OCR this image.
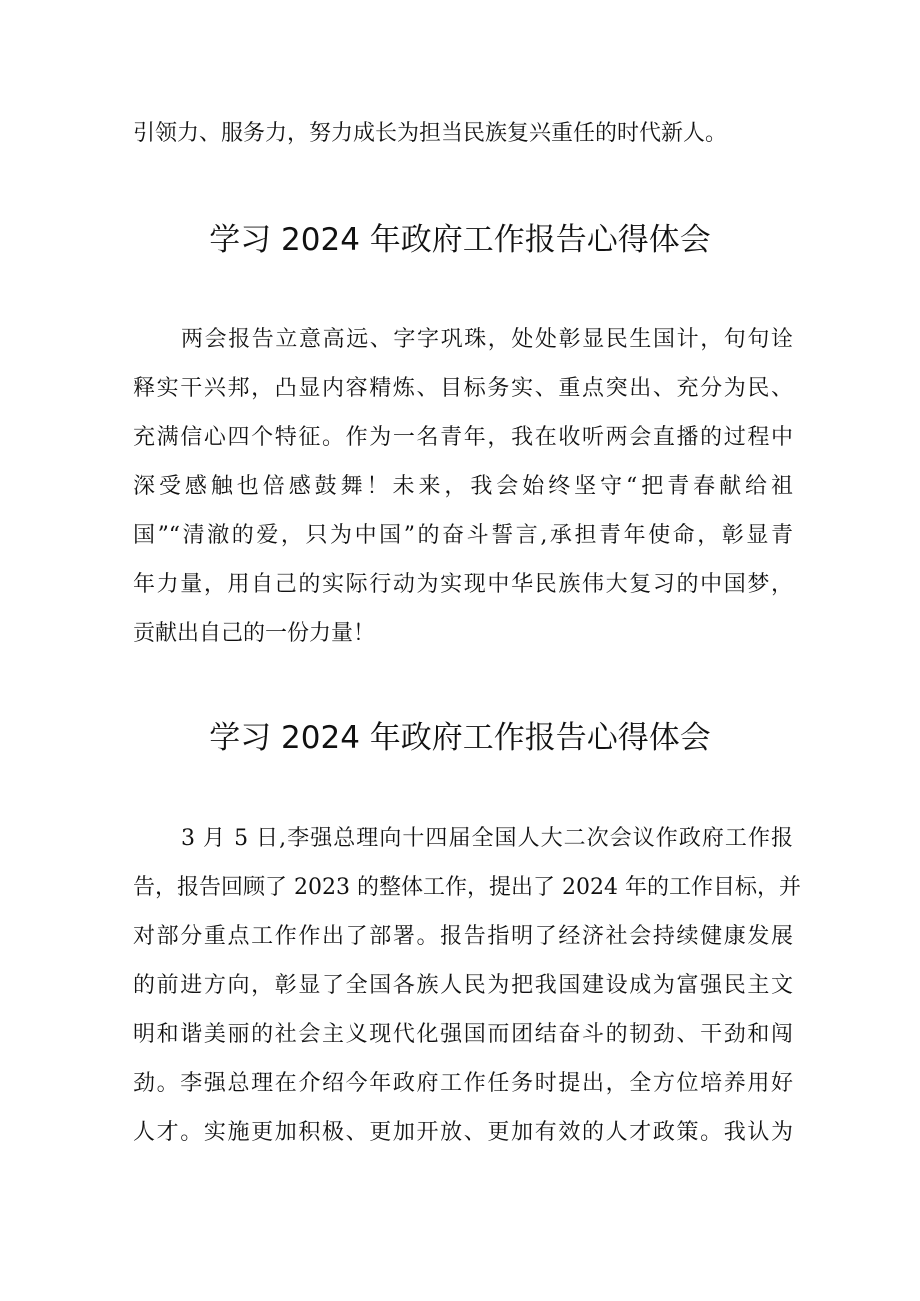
引领力、服务力，努力成长为担当民族复兴重任的时代新人。
学习 2024 年政府工作报告心得体会
两会报告立意高远、字字巩珠，处处彰显民生国计，句句诠
释实干兴邦，凸显内容精炼、目标务实、重点突出、充分为民、
充满信心四个特征。作为一名青年，我在收听两会直播的过程中
深受感触也倍感鼓舞！未来，我会始终坚守“把青春献给祖
国”“清澈的爱，只为中国”的奋斗誓言,承担青年使命，彰显青
年力量，用自己的实际行动为实现中华民族伟大复习的中国梦，
贡献出自己的一份力量！
学习 2024 年政府工作报告心得体会
3 月 5 日,李强总理向十四届全国人大二次会议作政府工作报
告，报告回顾了 2023 的整体工作，提出了 2024 年的工作目标，并
对部分重点工作作出了部署。报告指明了经济社会持续健康发展
的前进方向，彰显了全国各族人民为把我国建设成为富强民主文
明和谐美丽的社会主义现代化强国而团结奋斗的韧劲、干劲和闯
劲。李强总理在介绍今年政府工作任务时提出，全方位培养用好
人才。实施更加积极、更加开放、更加有效的人才政策。我认为
